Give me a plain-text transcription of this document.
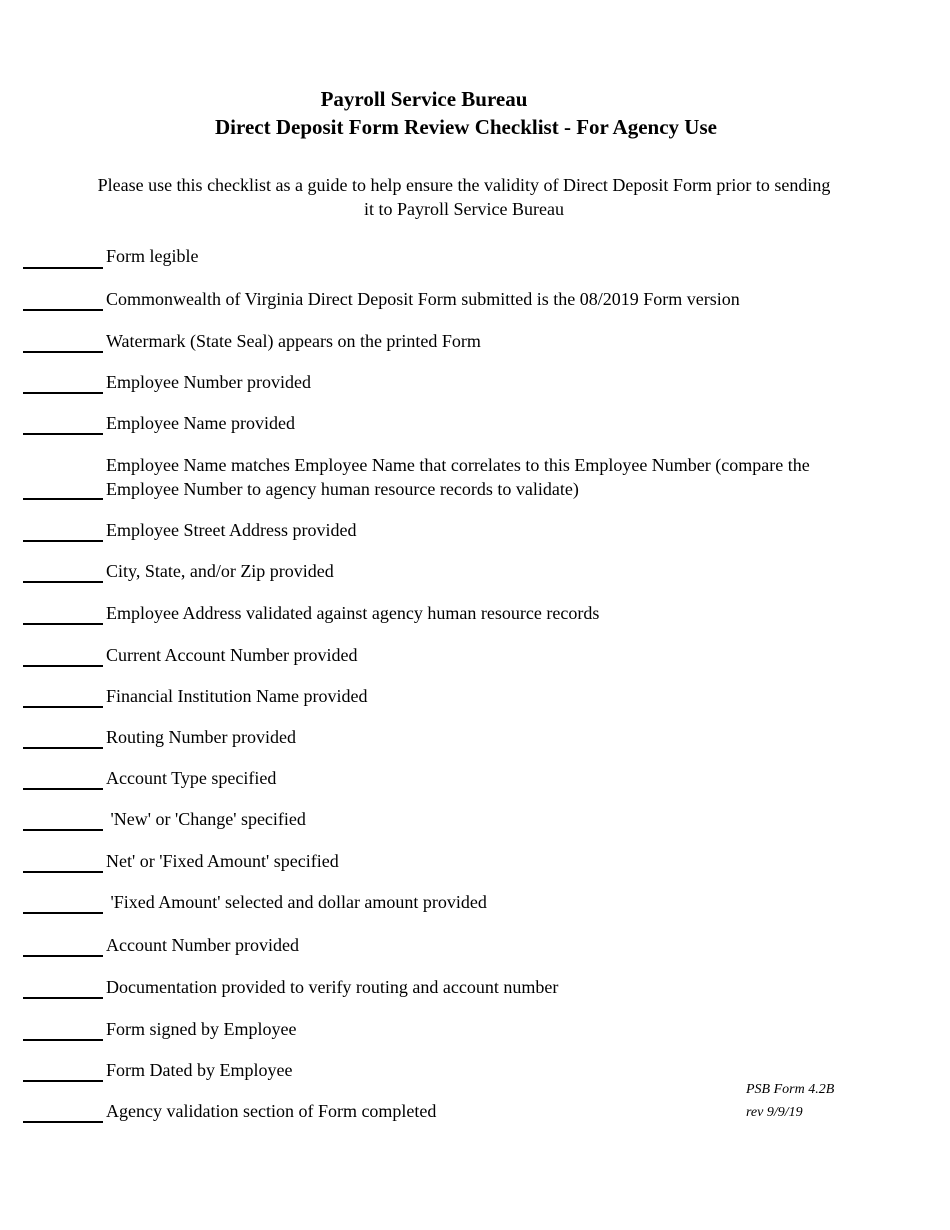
Payroll Service Bureau
Direct Deposit Form Review Checklist - For Agency Use
Please use this checklist as a guide to help ensure the validity of Direct Deposit Form prior to sending it to Payroll Service Bureau
Form legible
Commonwealth of Virginia Direct Deposit Form submitted is the 08/2019 Form version
Watermark (State Seal) appears on the printed Form
Employee Number provided
Employee Name provided
Employee Name matches Employee Name that correlates to this Employee Number (compare the Employee Number to agency human resource records to validate)
Employee Street Address provided
City, State, and/or Zip provided
Employee Address validated against agency human resource records
Current Account Number provided
Financial Institution Name provided
Routing Number provided
Account Type specified
'New' or 'Change' specified
Net' or 'Fixed Amount' specified
'Fixed Amount' selected and dollar amount provided
Account Number provided
Documentation provided to verify routing and account number
Form signed by Employee
Form Dated by Employee
Agency validation section of Form completed
PSB Form 4.2B
rev 9/9/19
